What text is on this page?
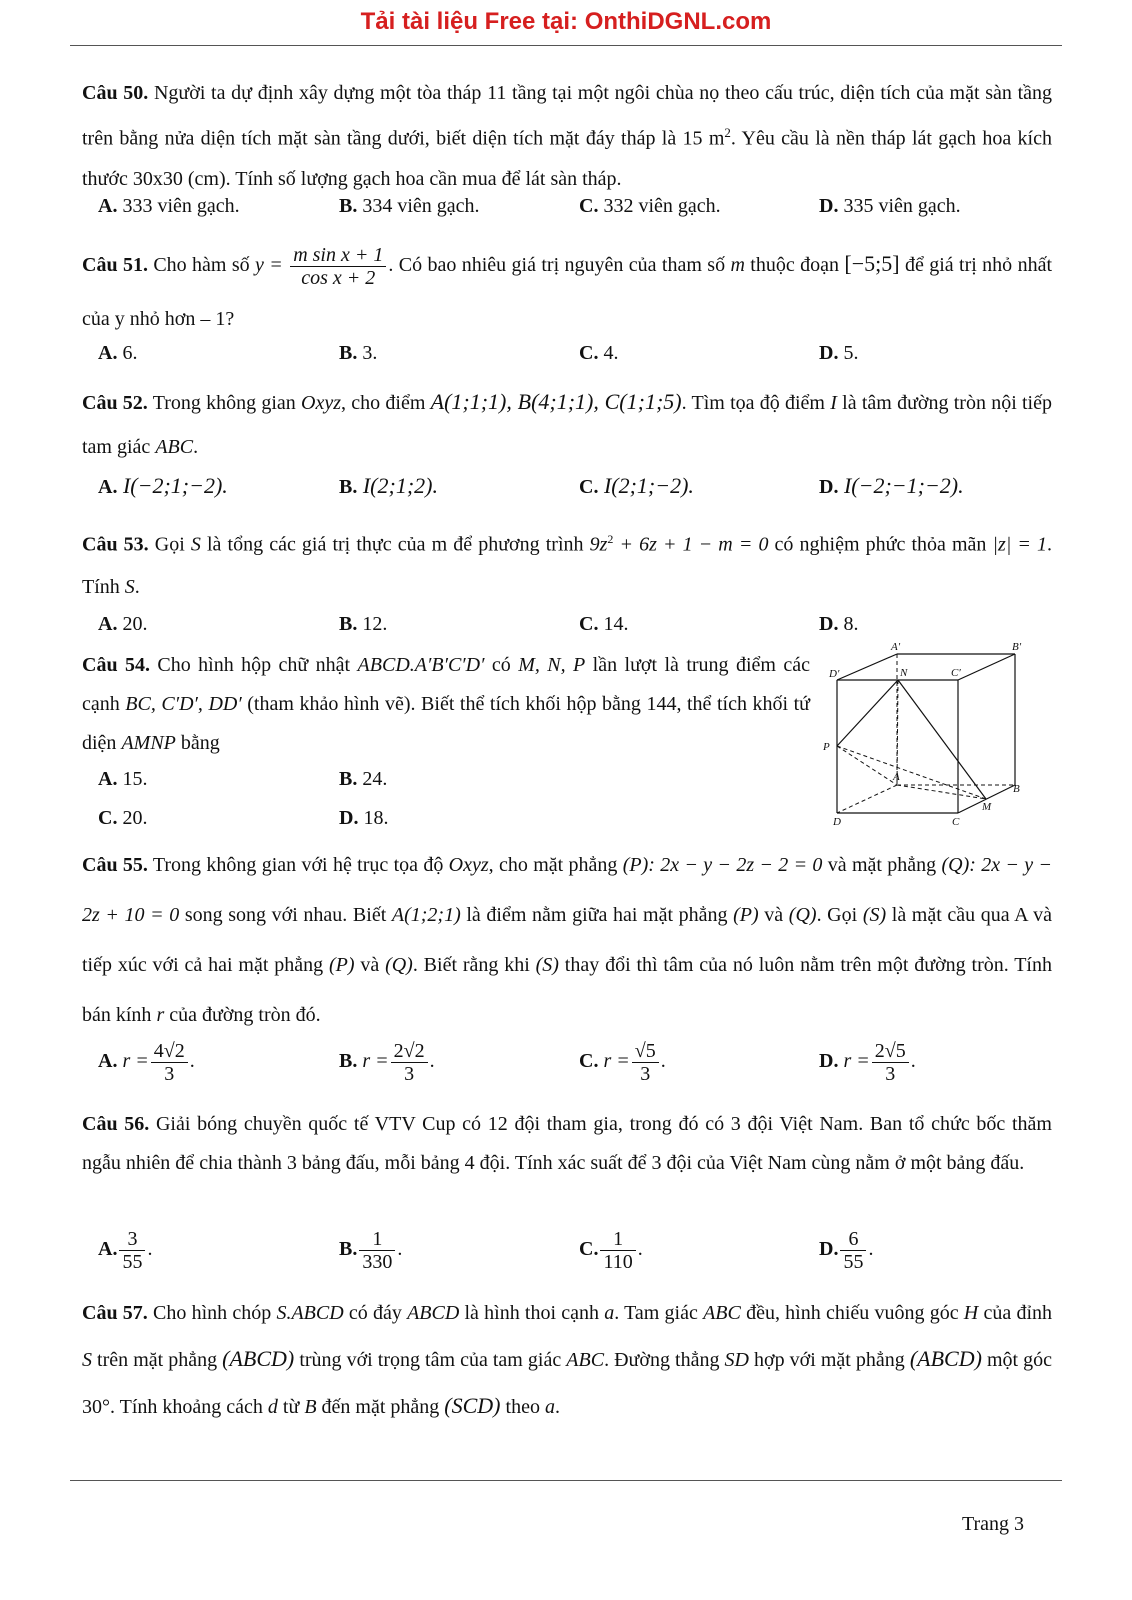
Tải tài liệu Free tại: OnthiDGNL.com
Câu 50. Người ta dự định xây dựng một tòa tháp 11 tầng tại một ngôi chùa nọ theo cấu trúc, diện tích của mặt sàn tầng trên bằng nửa diện tích mặt sàn tầng dưới, biết diện tích mặt đáy tháp là 15 $m^2$. Yêu cầu là nền tháp lát gạch hoa kích thước 30x30 (cm). Tính số lượng gạch hoa cần mua để lát sàn tháp.
A. 333 viên gạch.	B. 334 viên gạch.	C. 332 viên gạch.	D. 335 viên gạch.
Câu 51. Cho hàm số $y = \frac{\text{m sin x + 1}}{\text{cos x + 2}}$ . Có bao nhiêu giá trị nguyên của tham số m thuộc đoạn [−5;5] để giá trị nhỏ nhất của y nhỏ hơn – 1?
A. 6.	B. 3.	C. 4.	D. 5.
Câu 52. Trong không gian Oxyz, cho điểm A(1;1;1), B(4;1;1), C(1;1;5). Tìm tọa độ điểm I là tâm đường tròn nội tiếp tam giác ABC.
A. I(−2;1;−2).	B. I(2;1;2).	C. I(2;1;−2).	D. I(−2;−1;−2).
Câu 53. Gọi S là tổng các giá trị thực của m để phương trình $9z^2 + 6z + 1 - m = 0$ có nghiệm phức thỏa mãn |z| = 1. Tính S.
A. 20.	B. 12.	C. 14.	D. 8.
Câu 54. Cho hình hộp chữ nhật ABCD.A′B′C′D′ có M, N, P lần lượt là trung điểm các cạnh BC, C′D′, DD′ (tham khảo hình vẽ). Biết thể tích khối hộp bằng 144, thể tích khối tứ diện AMNP bằng
A. 15.	B. 24.
C. 20.	D. 18.
A′	B′
C′
D′	N
P
A
B
C
D
M
Câu 55. Trong không gian với hệ trục tọa độ Oxyz, cho mặt phẳng (P): 2x − y − 2z − 2 = 0 và mặt phẳng (Q): 2x − y − 2z + 10 = 0 song song với nhau. Biết A(1;2;1) là điểm nằm giữa hai mặt phẳng (P) và (Q). Gọi (S) là mặt cầu qua A và tiếp xúc với cả hai mặt phẳng (P) và (Q). Biết rằng khi (S) thay đổi thì tâm của nó luôn nằm trên một đường tròn. Tính bán kính r của đường tròn đó.
A. $r = \frac{4√2}{3}$ .	B. $r = \frac{2√2}{3}$ .	C. $r = \frac{√5}{3}$ .	D. $r = \frac{2√5}{3}$ .
Câu 56. Giải bóng chuyền quốc tế VTV Cup có 12 đội tham gia, trong đó có 3 đội Việt Nam. Ban tổ chức bốc thăm ngẫu nhiên để chia thành 3 bảng đấu, mỗi bảng 4 đội. Tính xác suất để 3 đội của Việt Nam cùng nằm ở một bảng đấu.
A. $\frac{3}{55}$ .	B. $\frac{1}{330}$ .	C. $\frac{1}{110}$ .	D. $\frac{6}{55}$ .
Câu 57. Cho hình chóp S.ABCD có đáy ABCD là hình thoi cạnh a. Tam giác ABC đều, hình chiếu vuông góc H của đỉnh S trên mặt phẳng (ABCD) trùng với trọng tâm của tam giác ABC. Đường thẳng SD hợp với mặt phẳng (ABCD) một góc 30°. Tính khoảng cách d từ B đến mặt phẳng (SCD) theo a.
Trang 3
